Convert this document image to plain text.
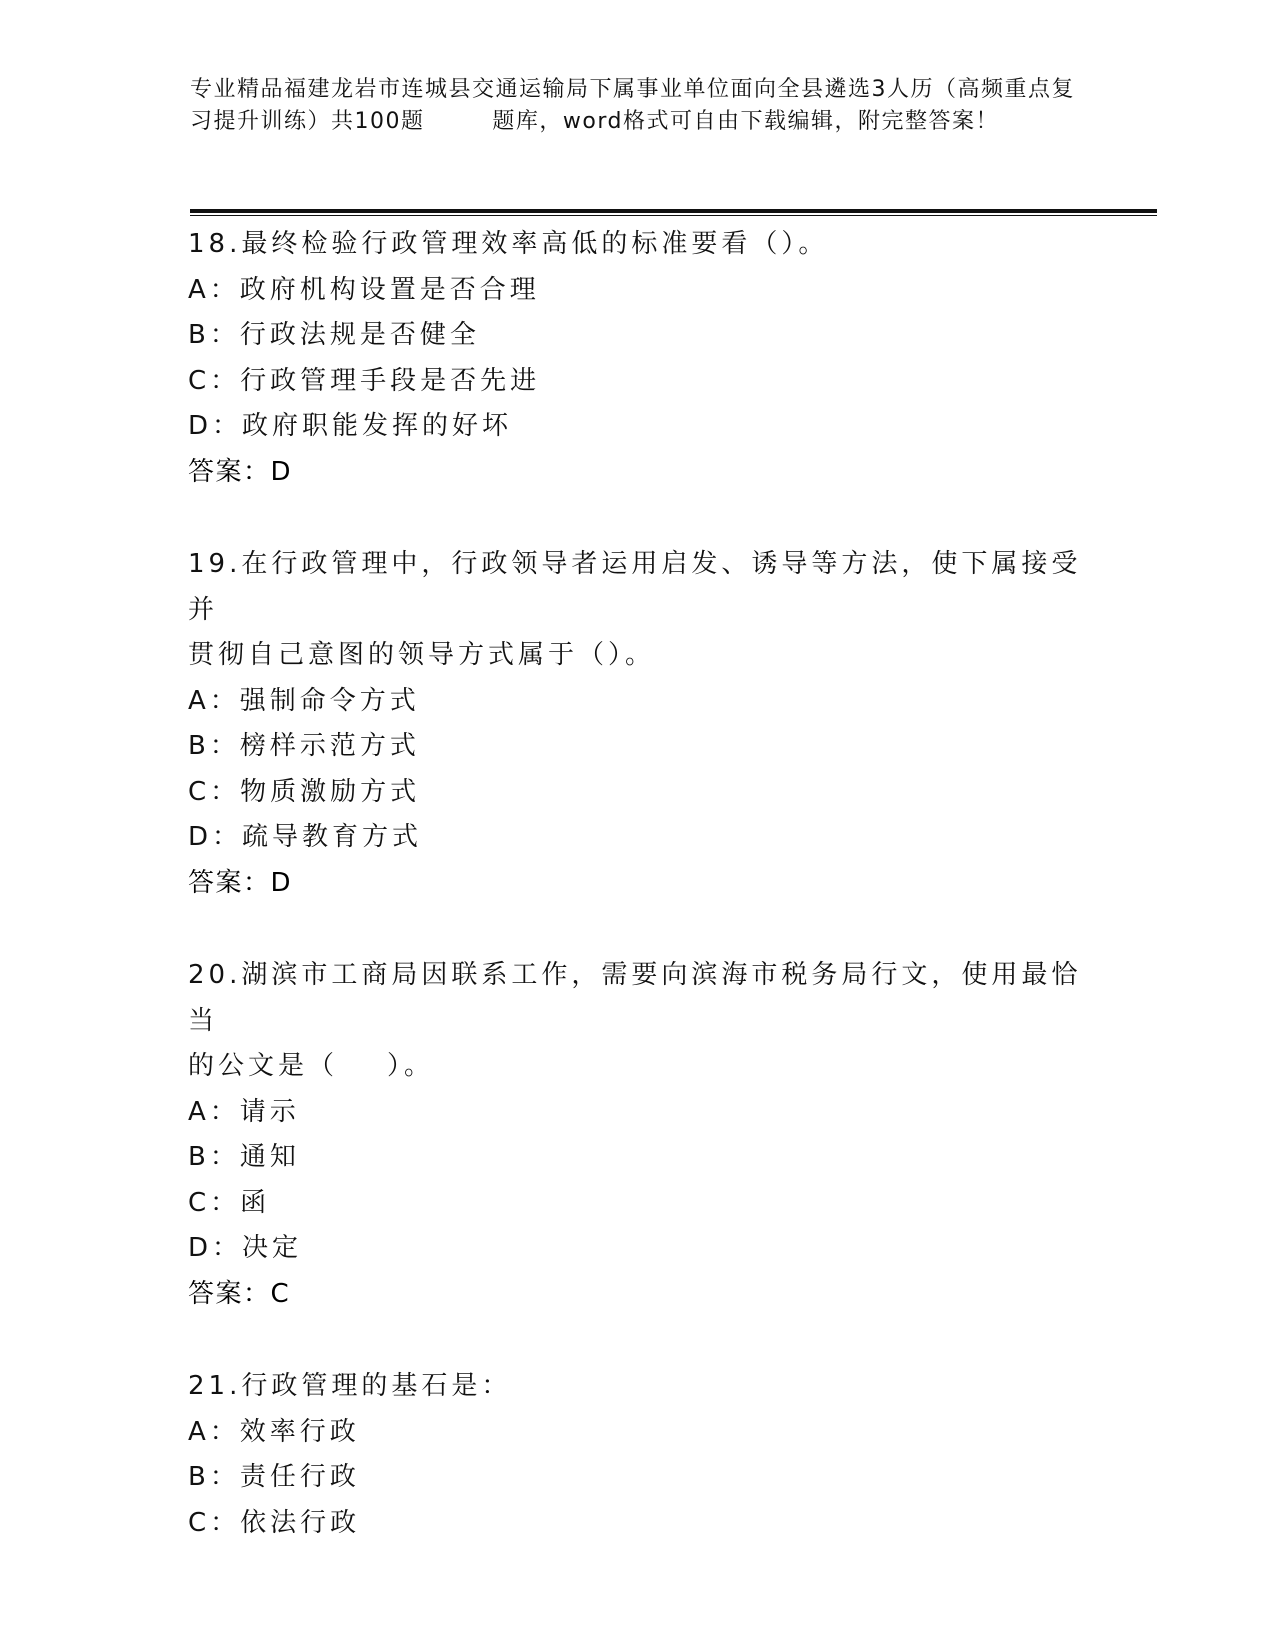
专业精品福建龙岩市连城县交通运输局下属事业单位面向全县遴选3人历（高频重点复习提升训练）共100题        题库，word格式可自由下载编辑，附完整答案！

18.最终检验行政管理效率高低的标准要看（）。

A：政府机构设置是否合理

B：行政法规是否健全

C：行政管理手段是否先进

D：政府职能发挥的好坏

答案：D

19.在行政管理中，行政领导者运用启发、诱导等方法，使下属接受并

贯彻自己意图的领导方式属于（）。

A：强制命令方式

B：榜样示范方式

C：物质激励方式

D：疏导教育方式

答案：D

20.湖滨市工商局因联系工作，需要向滨海市税务局行文，使用最恰当

的公文是（    ）。

A：请示

B：通知

C：函

D：决定

答案：C

21.行政管理的基石是：

A：效率行政

B：责任行政

C：依法行政
